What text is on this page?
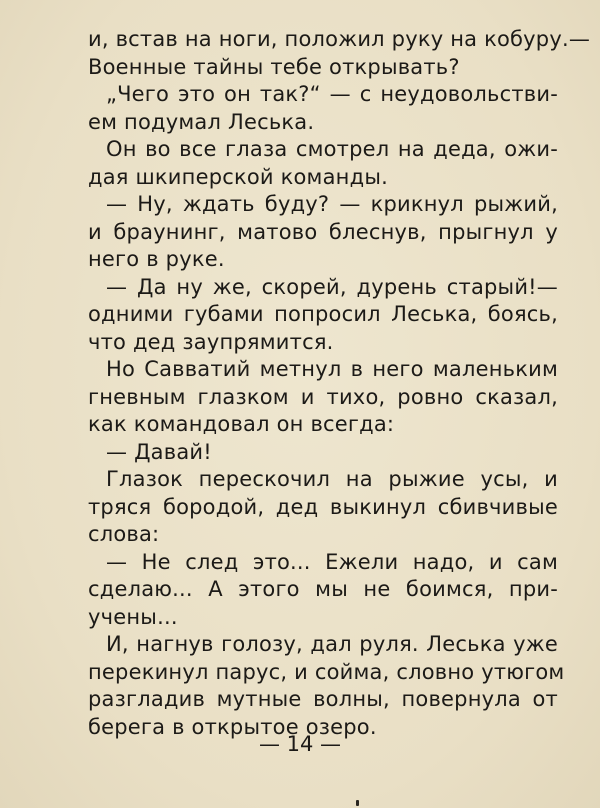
и, встав на ноги, положил руку на кобуру.—
Военные тайны тебе открывать?
„Чего это он так?“ — с неудовольстви-
ем подумал Леська.
Он во все глаза смотрел на деда, ожи-
дая шкиперской команды.
— Ну, ждать буду? — крикнул рыжий,
и браунинг, матово блеснув, прыгнул у
него в руке.
— Да ну же, скорей, дурень старый!—
одними губами попросил Леська, боясь,
что дед заупрямится.
Но Савватий метнул в него маленьким
гневным глазком и тихо, ровно сказал,
как командовал он всегда:
— Давай!
Глазок перескочил на рыжие усы, и
тряся бородой, дед выкинул сбивчивые
слова:
— Не след это... Ежели надо, и сам
сделаю... А этого мы не боимся, при-
учены...
И, нагнув голозу, дал руля. Леська уже
перекинул парус, и сойма, словно утюгом
разгладив мутные волны, повернула от
берега в открытое озеро.
— 14 —
